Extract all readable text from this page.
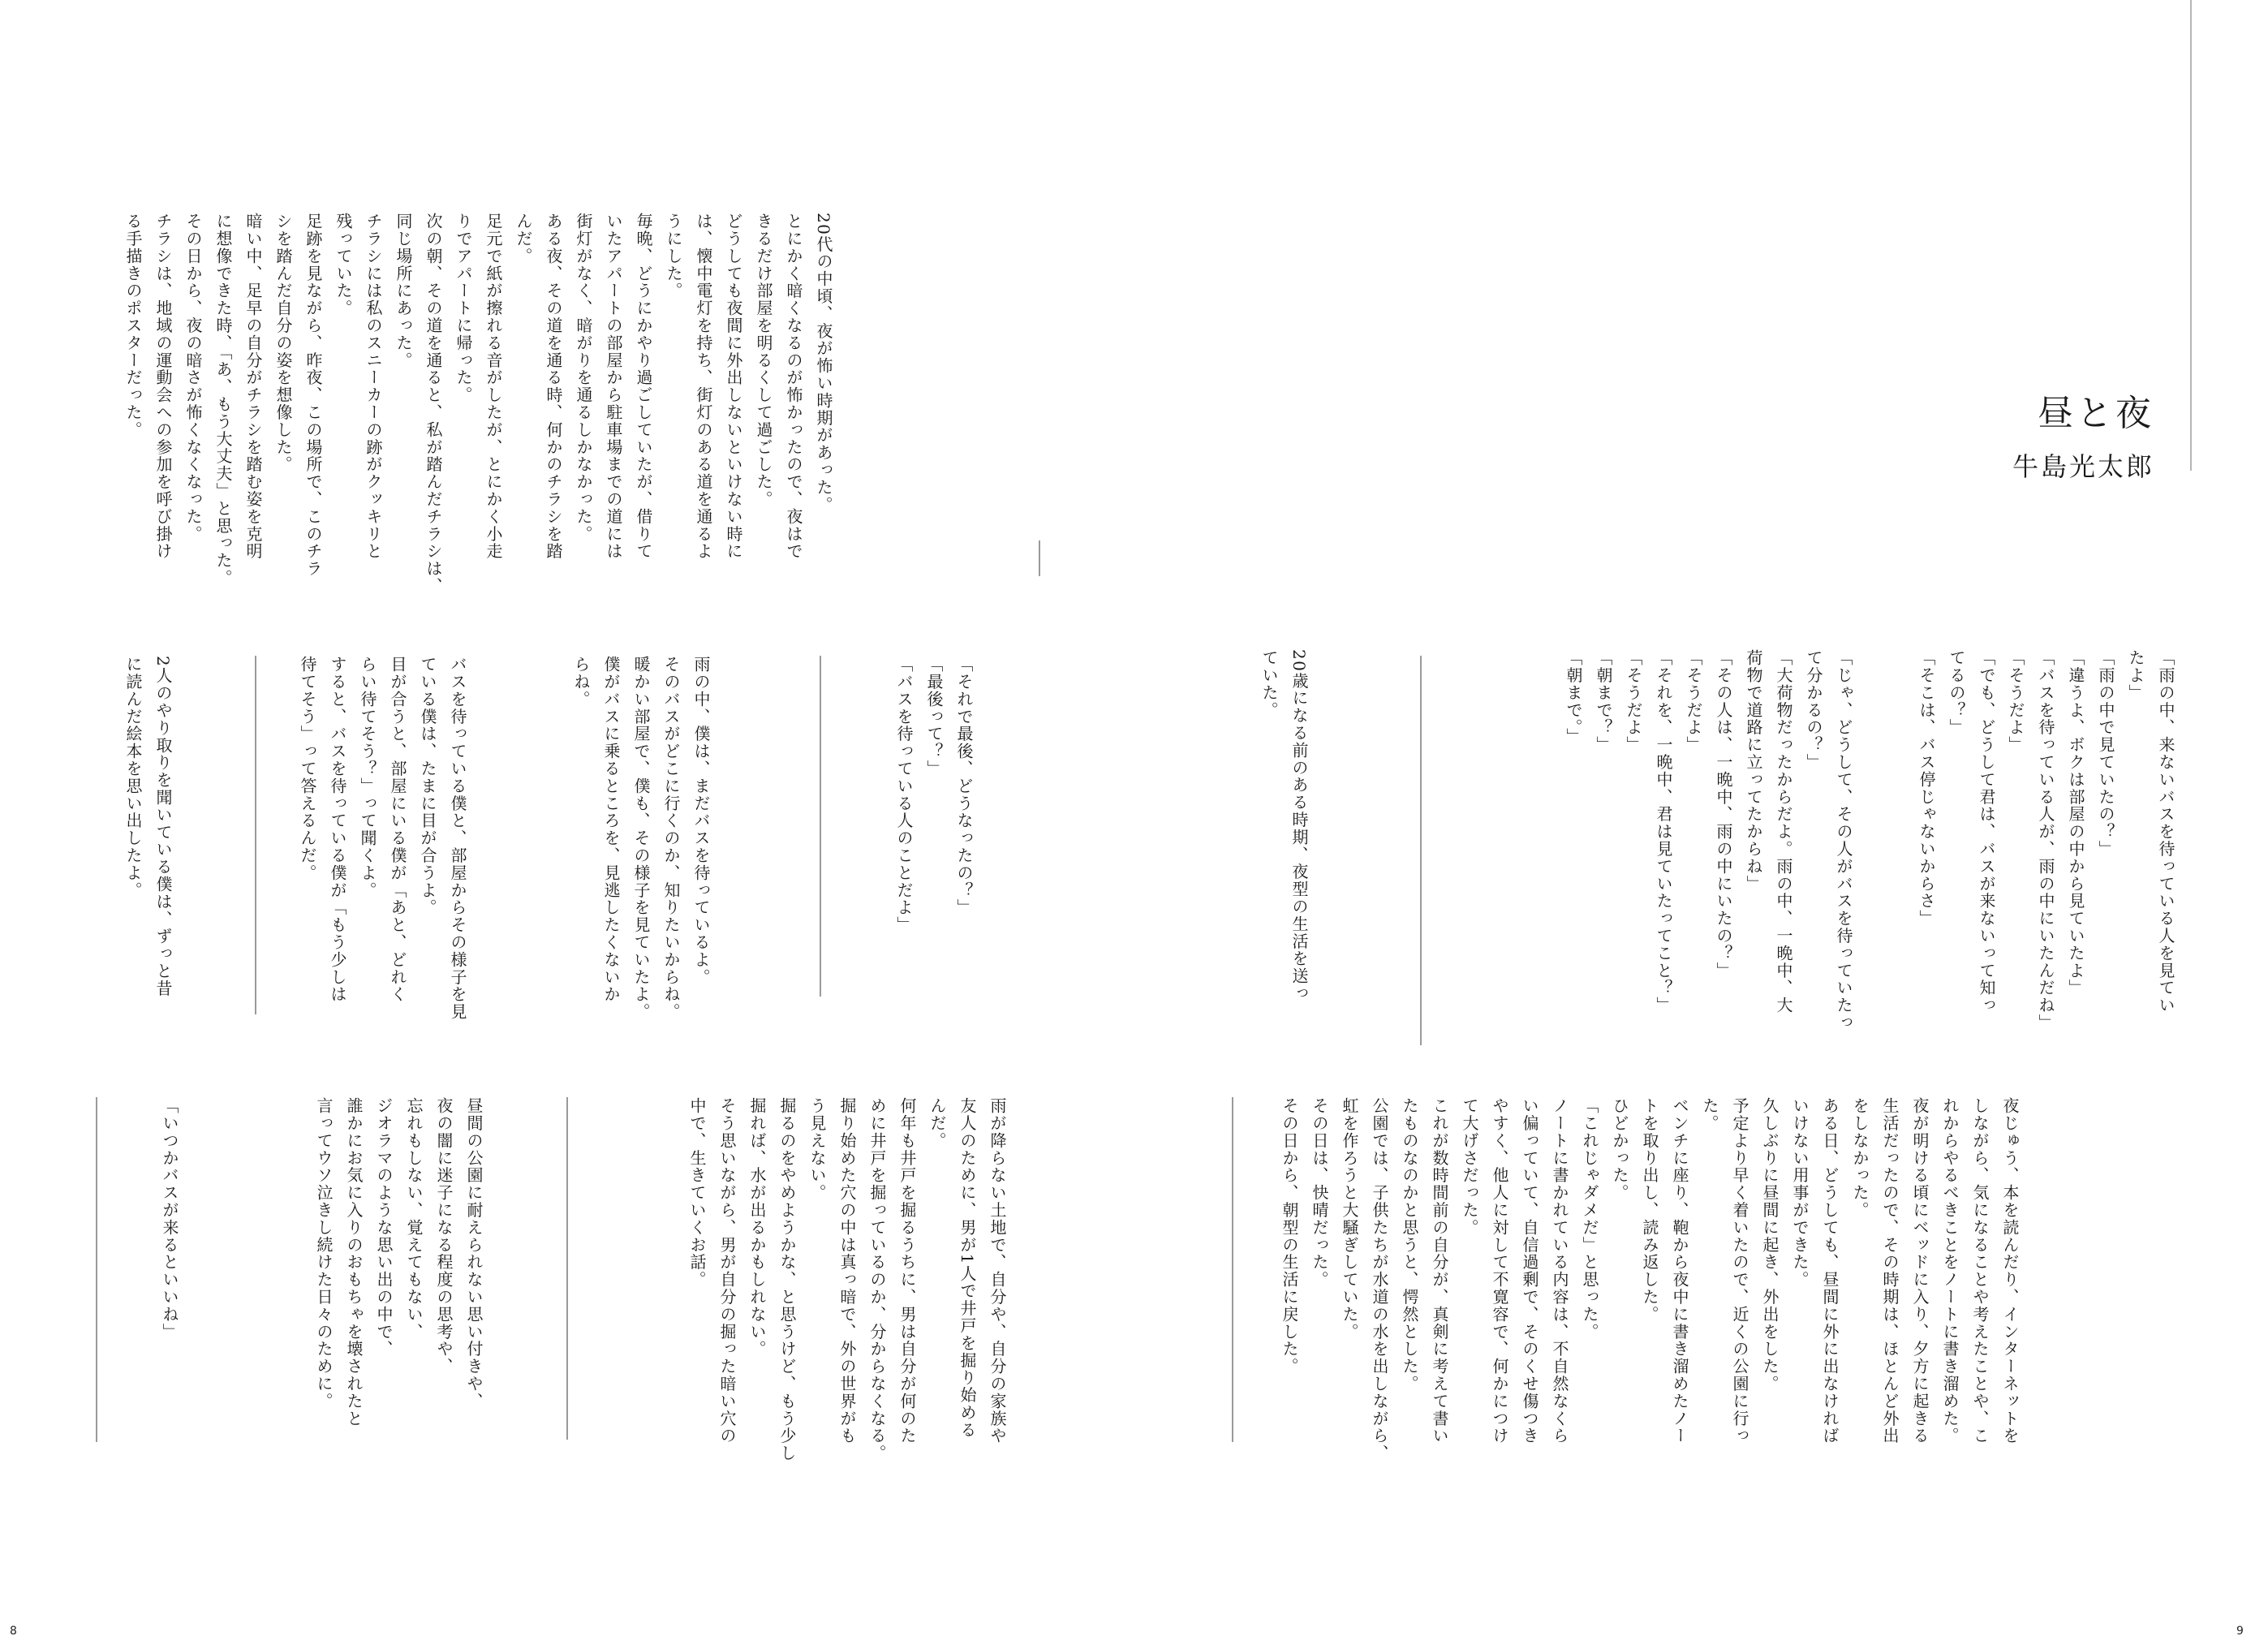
昼と夜
牛島光太郎

「雨の中、来ないバスを待っている人を見てい

たよ」

「雨の中で見ていたの？」

「違うよ、ボクは部屋の中から見ていたよ」

「バスを待っている人が、雨の中にいたんだね」

「そうだよ」

「でも、どうして君は、バスが来ないって知っ

てるの？」

「そこは、バス停じゃないからさ」

「じゃ、どうして、その人がバスを待っていたっ

て分かるの？」

「大荷物だったからだよ。雨の中、一晩中、大

荷物で道路に立ってたからね」

「その人は、一晩中、雨の中にいたの？」

「そうだよ」

「それを、一晩中、君は見ていたってこと？」

「そうだよ」

「朝まで？」

「朝まで。」

20歳になる前のある時期、夜型の生活を送っ

ていた。

夜じゅう、本を読んだり、インターネットを

しながら、気になることや考えたことや、こ

れからやるべきことをノートに書き溜めた。

夜が明ける頃にベッドに入り、夕方に起きる

生活だったので、その時期は、ほとんど外出

をしなかった。

ある日、どうしても、昼間に外に出なければ

いけない用事ができた。

久しぶりに昼間に起き、外出をした。

予定より早く着いたので、近くの公園に行っ

た。

ベンチに座り、鞄から夜中に書き溜めたノー

トを取り出し、読み返した。

ひどかった。

「これじゃダメだ」と思った。

ノートに書かれている内容は、不自然なくら

い偏っていて、自信過剰で、そのくせ傷つき

やすく、他人に対して不寛容で、何かにつけ

て大げさだった。

これが数時間前の自分が、真剣に考えて書い

たものなのかと思うと、愕然とした。

公園では、子供たちが水道の水を出しながら、

虹を作ろうと大騒ぎしていた。

その日は、快晴だった。

その日から、朝型の生活に戻した。

20代の中頃、夜が怖い時期があった。

とにかく暗くなるのが怖かったので、夜はで

きるだけ部屋を明るくして過ごした。

どうしても夜間に外出しないといけない時に

は、懐中電灯を持ち、街灯のある道を通るよ

うにした。

毎晩、どうにかやり過ごしていたが、借りて

いたアパートの部屋から駐車場までの道には

街灯がなく、暗がりを通るしかなかった。

ある夜、その道を通る時、何かのチラシを踏

んだ。

足元で紙が擦れる音がしたが、とにかく小走

りでアパートに帰った。

次の朝、その道を通ると、私が踏んだチラシは、

同じ場所にあった。

チラシには私のスニーカーの跡がクッキリと

残っていた。

足跡を見ながら、昨夜、この場所で、このチラ

シを踏んだ自分の姿を想像した。

暗い中、足早の自分がチラシを踏む姿を克明

に想像できた時、「あ、もう大丈夫」と思った。

その日から、夜の暗さが怖くなくなった。

チラシは、地域の運動会への参加を呼び掛け

る手描きのポスターだった。

「それで最後、どうなったの？」

「最後って？」

「バスを待っている人のことだよ」

雨の中、僕は、まだバスを待っているよ。

そのバスがどこに行くのか、知りたいからね。

暖かい部屋で、僕も、その様子を見ていたよ。

僕がバスに乗るところを、見逃したくないか

らね。

バスを待っている僕と、部屋からその様子を見

ている僕は、たまに目が合うよ。

目が合うと、部屋にいる僕が「あと、どれく

らい待てそう？」って聞くよ。

すると、バスを待っている僕が「もう少しは

待てそう」って答えるんだ。

2人のやり取りを聞いている僕は、ずっと昔

に読んだ絵本を思い出したよ。

雨が降らない土地で、自分や、自分の家族や

友人のために、男が1人で井戸を掘り始める

んだ。

何年も井戸を掘るうちに、男は自分が何のた

めに井戸を掘っているのか、分からなくなる。

掘り始めた穴の中は真っ暗で、外の世界がも

う見えない。

掘るのをやめようかな、と思うけど、もう少し

掘れば、水が出るかもしれない。

そう思いながら、男が自分の掘った暗い穴の

中で、生きていくお話。

昼間の公園に耐えられない思い付きや、

夜の闇に迷子になる程度の思考や、

忘れもしない、覚えてもない、

ジオラマのような思い出の中で、

誰かにお気に入りのおもちゃを壊されたと

言ってウソ泣きし続けた日々のために。

「いつかバスが来るといいね」

8	9
